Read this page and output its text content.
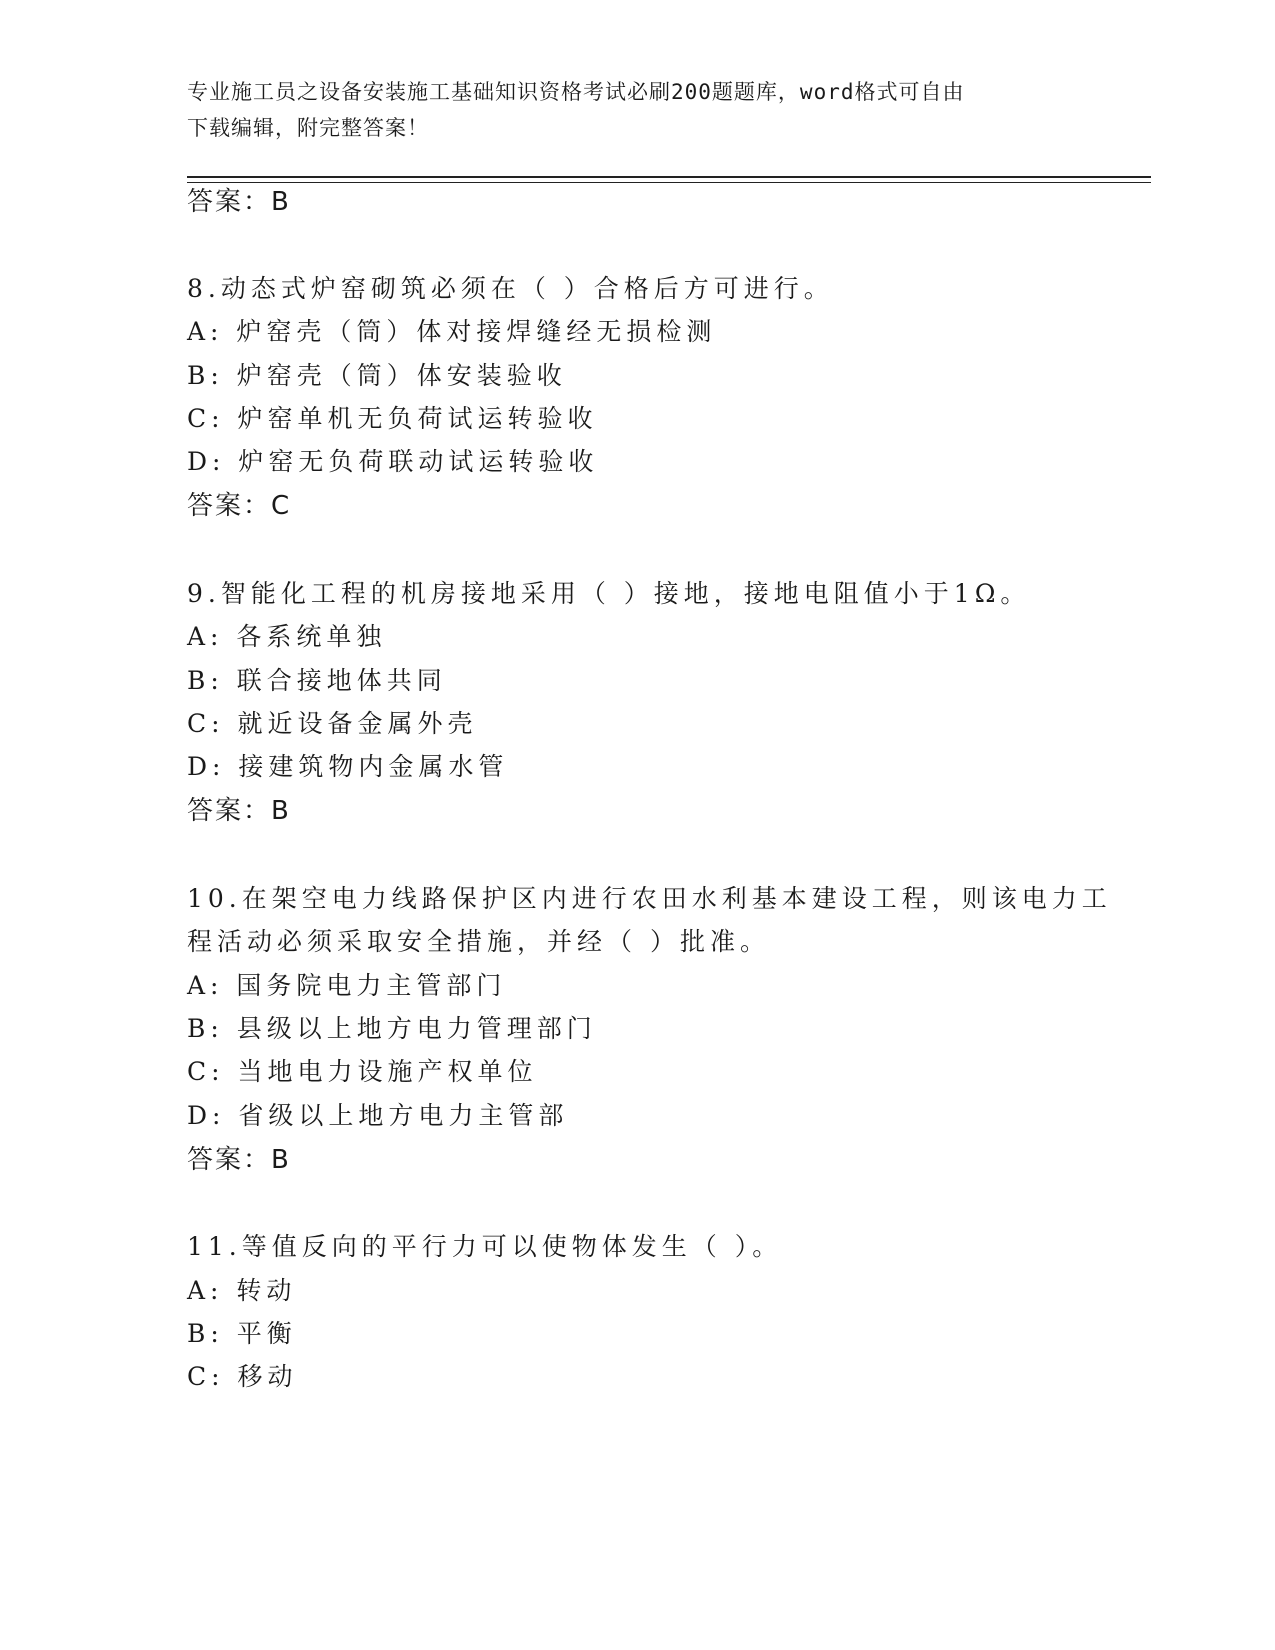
专业施工员之设备安装施工基础知识资格考试必刷200题题库，word格式可自由
下载编辑，附完整答案！
答案：B
8.动态式炉窑砌筑必须在（ ）合格后方可进行。
A: 炉窑壳（筒）体对接焊缝经无损检测
B: 炉窑壳（筒）体安装验收
C: 炉窑单机无负荷试运转验收
D: 炉窑无负荷联动试运转验收
答案：C
9.智能化工程的机房接地采用（ ）接地，接地电阻值小于1Ω。
A: 各系统单独
B: 联合接地体共同
C: 就近设备金属外壳
D: 接建筑物内金属水管
答案：B
10.在架空电力线路保护区内进行农田水利基本建设工程，则该电力工
程活动必须采取安全措施，并经（ ）批准。
A: 国务院电力主管部门
B: 县级以上地方电力管理部门
C: 当地电力设施产权单位
D: 省级以上地方电力主管部
答案：B
11.等值反向的平行力可以使物体发生（ ）。
A: 转动
B: 平衡
C: 移动
